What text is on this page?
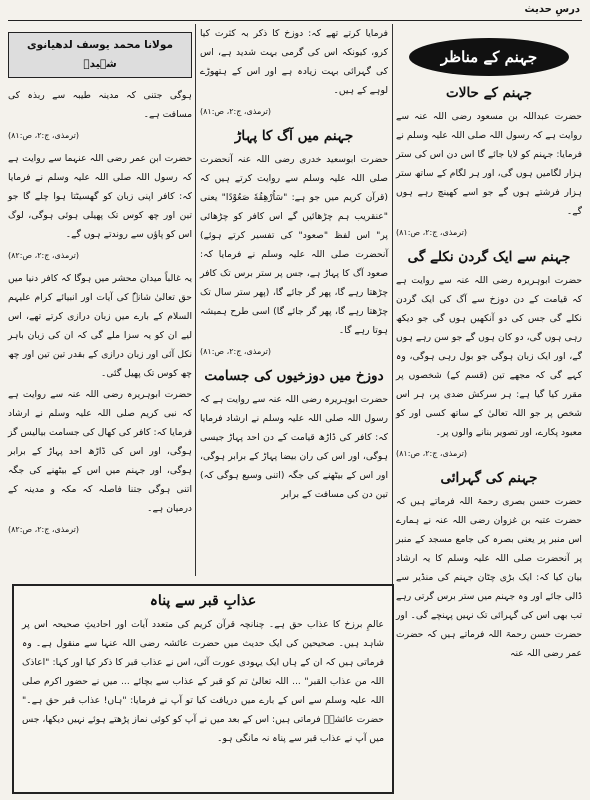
درسِ حدیث
جہنم کے مناظر
جہنم کے حالات

حضرت عبداللہ بن مسعود رضی اللہ عنہ سے روایت ہے کہ رسول اللہ صلی اللہ علیہ وسلم نے فرمایا: جہنم کو لایا جائے گا اس دن اس کی ستر ہزار لگامیں ہوں گی، اور ہر لگام کے ساتھ ستر ہزار فرشتے ہوں گے جو اسے کھینچ رہے ہوں گے۔

(ترمذی، ج:۲، ص:۸۱)
جہنم سے ایک گردن نکلے گی

حضرت ابوہریرہ رضی اللہ عنہ سے روایت ہے کہ قیامت کے دن دوزخ سے آگ کی ایک گردن نکلے گی جس کی دو آنکھیں ہوں گی جو دیکھ رہی ہوں گی، دو کان ہوں گے جو سن رہے ہوں گے، اور ایک زبان ہوگی جو بول رہی ہوگی، وہ کہے گی کہ مجھے تین (قسم کے) شخصوں پر مقرر کیا گیا ہے: ہر سرکش ضدی پر، ہر اس شخص پر جو اللہ تعالیٰ کے ساتھ کسی اور کو معبود پکارے، اور تصویر بنانے والوں پر۔

(ترمذی، ج:۲، ص:۸۱)
جہنم کی گہرائی

حضرت حسن بصری رحمۃ اللہ فرماتے ہیں کہ حضرت عتبہ بن غزوان رضی اللہ عنہ نے ہمارے اس منبر پر یعنی بصرہ کی جامع مسجد کے منبر پر آنحضرت صلی اللہ علیہ وسلم کا یہ ارشاد بیان کیا کہ: ایک بڑی چٹان جہنم کی منڈیر سے ڈالی جائے اور وہ جہنم میں ستر برس گرتی رہے تب بھی اس کی گہرائی تک نہیں پہنچے گی۔ اور حضرت حسن رحمۃ اللہ فرماتے ہیں کہ حضرت عمر رضی اللہ عنہ

فرمایا کرتے تھے کہ: دوزخ کا ذکر بہ کثرت کیا کرو، کیونکہ اس کی گرمی بہت شدید ہے، اس کی گہرائی بہت زیادہ ہے اور اس کے ہتھوڑے لوہے کے ہیں۔

(ترمذی، ج:۲، ص:۸۱)
جہنم میں آگ کا پہاڑ

حضرت ابوسعید خدری رضی اللہ عنہ آنحضرت صلی اللہ علیہ وسلم سے روایت کرتے ہیں کہ (قرآن کریم میں جو ہے: "سَاُرْهِقُهٗ صَعُوْدًا" یعنی "عنقریب ہم چڑھائیں گے اس کافر کو چڑھائی پر" اس لفظ "صعود" کی تفسیر کرتے ہوئے) آنحضرت صلی اللہ علیہ وسلم نے فرمایا کہ: صعود آگ کا پہاڑ ہے، جس پر ستر برس تک کافر چڑھتا رہے گا، پھر گر جائے گا، (پھر ستر سال تک چڑھتا رہے گا، پھر گر جائے گا) اسی طرح ہمیشہ ہوتا رہے گا۔

(ترمذی، ج:۲، ص:۸۱)
دوزخ میں دوزخیوں کی جسامت

حضرت ابوہریرہ رضی اللہ عنہ سے روایت ہے کہ رسول اللہ صلی اللہ علیہ وسلم نے ارشاد فرمایا کہ: کافر کی ڈاڑھ قیامت کے دن احد پہاڑ جیسی ہوگی، اور اس کی ران بیضا پہاڑ کے برابر ہوگی، اور اس کے بیٹھنے کی جگہ (اتنی وسیع ہوگی کہ) تین دن کی مسافت کے برابر

مولانا محمد یوسف لدھیانوی شہیدؒ

ہوگی جتنی کہ مدینہ طیبہ سے ربذہ کی مسافت ہے۔

(ترمذی، ج:۲، ص:۸۱)

حضرت ابن عمر رضی اللہ عنہما سے روایت ہے کہ رسول اللہ صلی اللہ علیہ وسلم نے فرمایا کہ: کافر اپنی زبان کو گھسیٹتا ہوا چلے گا جو تین اور چھ کوس تک پھیلی ہوئی ہوگی، لوگ اس کو پاؤں سے روندتے ہوں گے۔

(ترمذی، ج:۲، ص:۸۲)

یہ غالباً میدان محشر میں ہوگا کہ کافر دنیا میں حق تعالیٰ شانہٗ کی آیات اور انبیائے کرام علیہم السلام کے بارے میں زبان درازی کرتے تھے، اس لیے ان کو یہ سزا ملے گی کہ ان کی زبان باہر نکل آئی اور زبان درازی کے بقدر تین تین اور چھ چھ کوس تک پھیل گئی۔

حضرت ابوہریرہ رضی اللہ عنہ سے روایت ہے کہ نبی کریم صلی اللہ علیہ وسلم نے ارشاد فرمایا کہ: کافر کی کھال کی جسامت بیالیس گز ہوگی، اور اس کی ڈاڑھ احد پہاڑ کے برابر ہوگی، اور جہنم میں اس کے بیٹھنے کی جگہ اتنی ہوگی جتنا فاصلہ کہ مکہ و مدینہ کے درمیان ہے۔

(ترمذی، ج:۲، ص:۸۲)
عذابِ قبر سے پناہ

عالمِ برزخ کا عذاب حق ہے۔ چنانچہ قرآن کریم کی متعدد آیات اور احادیثِ صحیحہ اس پر شاہد ہیں۔ صحیحین کی ایک حدیث میں حضرت عائشہ رضی اللہ عنہا سے منقول ہے۔ وہ فرماتی ہیں کہ ان کے ہاں ایک یہودی عورت آئی، اس نے عذاب قبر کا ذکر کیا اور کہا: "اعاذک اللہ من عذاب القبر" ... اللہ تعالیٰ تم کو قبر کے عذاب سے بچائے ... میں نے حضور اکرم صلی اللہ علیہ وسلم سے اس کے بارے میں دریافت کیا تو آپ نے فرمایا: "ہاں! عذاب قبر حق ہے۔" حضرت عائشہؓ فرماتی ہیں: اس کے بعد میں نے آپ کو کوئی نماز پڑھتے ہوئے نہیں دیکھا، جس میں آپ نے عذاب قبر سے پناہ نہ مانگی ہو۔
